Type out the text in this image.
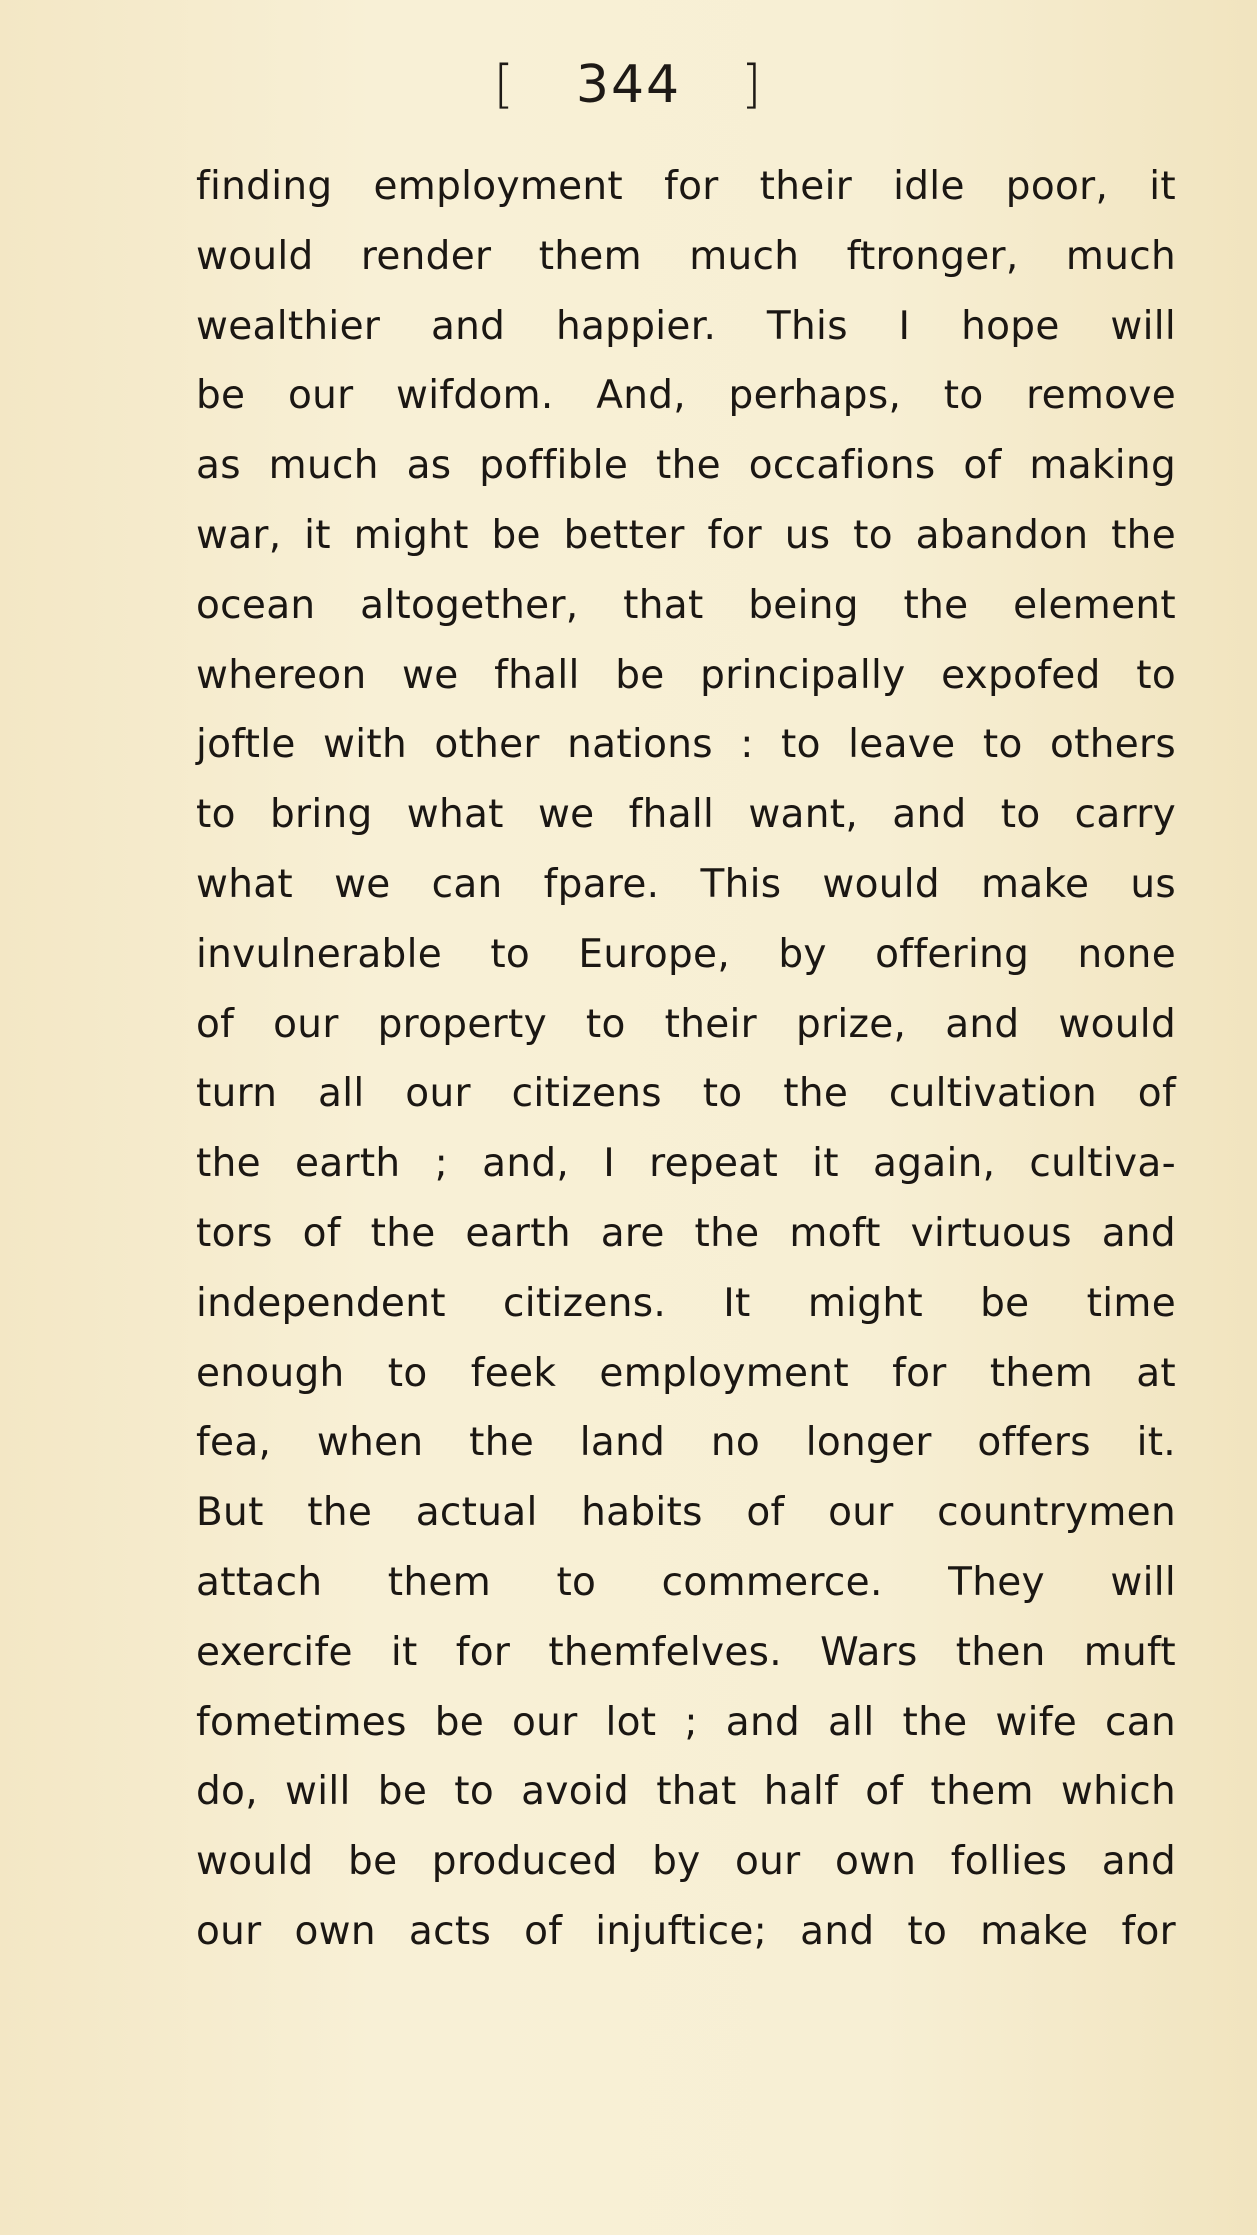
[ 344 ]
finding employment for their idle poor, it
would render them much ftronger, much
wealthier and happier. This I hope will
be our wifdom. And, perhaps, to remove
as much as poffible the occafions of making
war, it might be better for us to abandon the
ocean altogether, that being the element
whereon we fhall be principally expofed to
joftle with other nations : to leave to others
to bring what we fhall want, and to carry
what we can fpare. This would make us
invulnerable to Europe, by offering none
of our property to their prize, and would
turn all our citizens to the cultivation of
the earth ; and, I repeat it again, cultiva-
tors of the earth are the moft virtuous and
independent citizens. It might be time
enough to feek employment for them at
fea, when the land no longer offers it.
But the actual habits of our countrymen
attach them to commerce. They will
exercife it for themfelves. Wars then muft
fometimes be our lot ; and all the wife can
do, will be to avoid that half of them which
would be produced by our own follies and
our own acts of injuftice; and to make for
